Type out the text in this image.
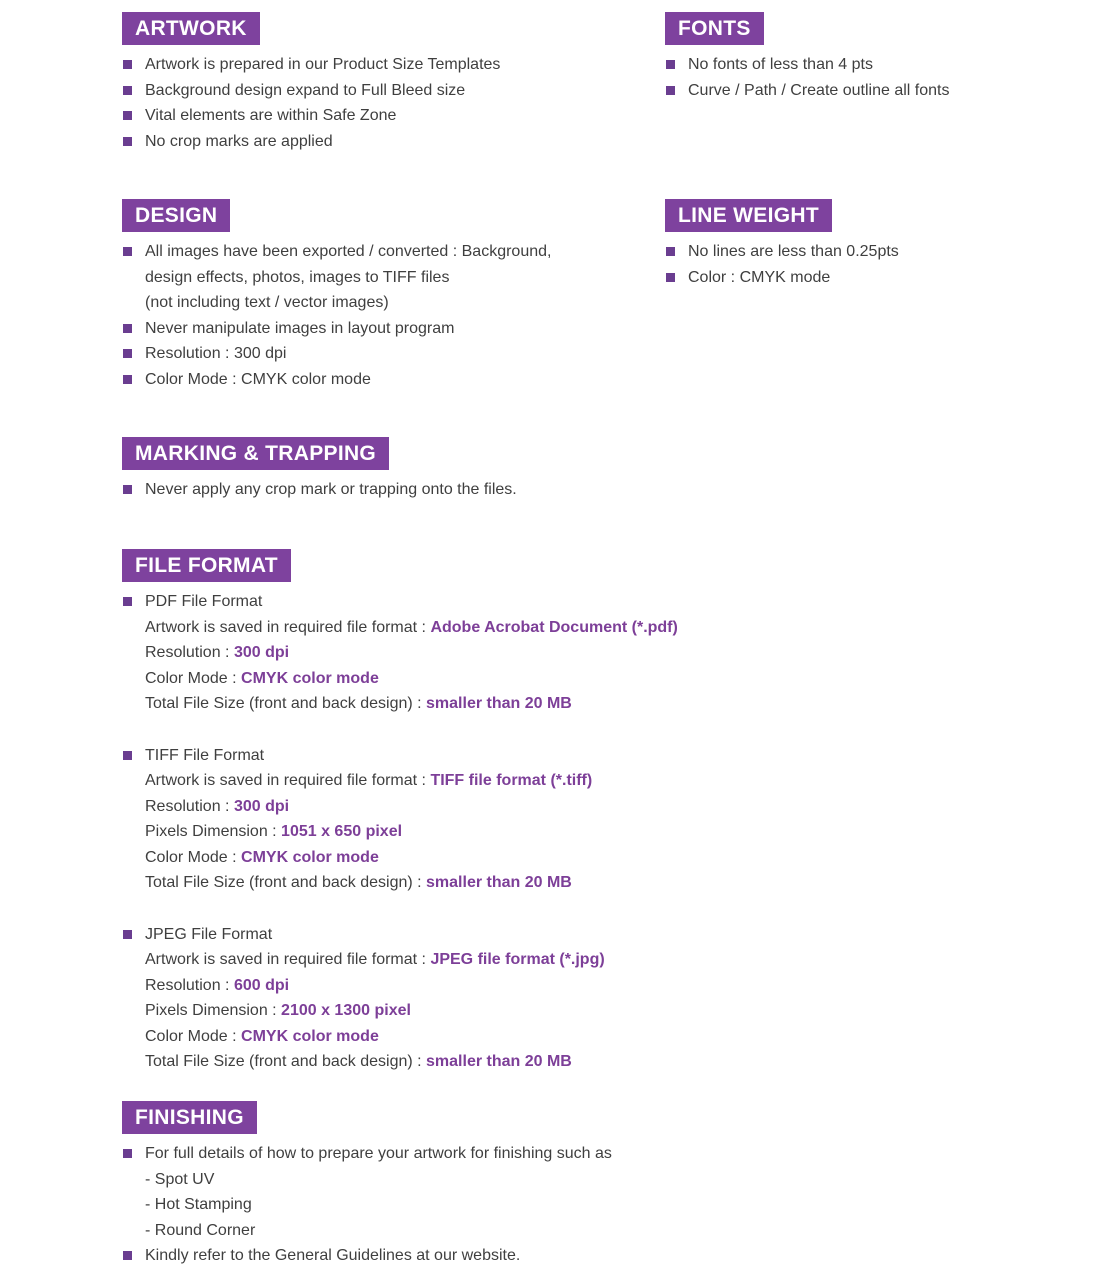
ARTWORK
Artwork is prepared in our Product Size Templates
Background design expand to Full Bleed size
Vital elements are within Safe Zone
No crop marks are applied
FONTS
No fonts of less than 4 pts
Curve / Path / Create outline all fonts
DESIGN
All images have been exported / converted : Background,
design effects, photos, images to TIFF files
(not including text / vector images)
Never manipulate images in layout program
Resolution : 300 dpi
Color Mode : CMYK color mode
LINE WEIGHT
No lines are less than 0.25pts
Color : CMYK mode
MARKING & TRAPPING
Never apply any crop mark or trapping onto the files.
FILE FORMAT
PDF File Format
Artwork is saved in required file format : Adobe Acrobat Document (*.pdf)
Resolution : 300 dpi
Color Mode : CMYK color mode
Total File Size (front and back design) : smaller than 20 MB
TIFF File Format
Artwork is saved in required file format : TIFF file format (*.tiff)
Resolution : 300 dpi
Pixels Dimension : 1051 x 650 pixel
Color Mode : CMYK color mode
Total File Size (front and back design) : smaller than 20 MB
JPEG File Format
Artwork is saved in required file format : JPEG file format (*.jpg)
Resolution : 600 dpi
Pixels Dimension : 2100 x 1300 pixel
Color Mode : CMYK color mode
Total File Size (front and back design) : smaller than 20 MB
FINISHING
For full details of how to prepare your artwork for finishing such as
- Spot UV
- Hot Stamping
- Round Corner
Kindly refer to the General Guidelines at our website.
